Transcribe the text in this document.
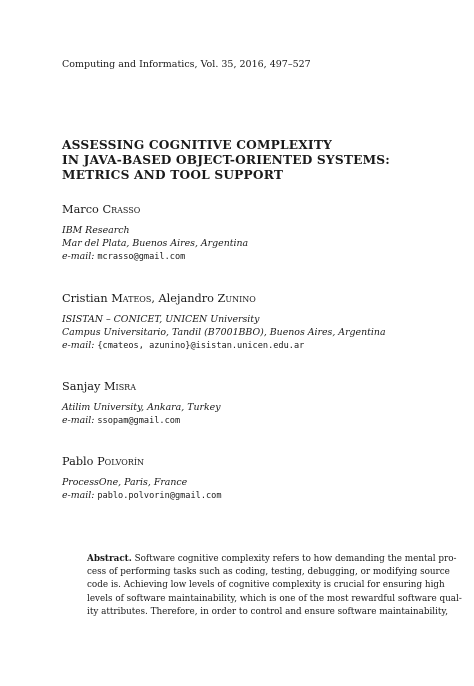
Computing and Informatics, Vol. 35, 2016, 497–527
ASSESSING COGNITIVE COMPLEXITY
IN JAVA-BASED OBJECT-ORIENTED SYSTEMS:
METRICS AND TOOL SUPPORT
Marco Crasso
IBM Research
Mar del Plata, Buenos Aires, Argentina
e-mail: mcrasso@gmail.com
Cristian Mateos, Alejandro Zunino
ISISTAN – CONICET, UNICEN University
Campus Universitario, Tandil (B7001BBO), Buenos Aires, Argentina
e-mail: {cmateos, azunino}@isistan.unicen.edu.ar
Sanjay Misra
Atilim University, Ankara, Turkey
e-mail: ssopam@gmail.com
Pablo Polvorín
ProcessOne, Paris, France
e-mail: pablo.polvorin@gmail.com
Abstract. Software cognitive complexity refers to how demanding the mental pro-
cess of performing tasks such as coding, testing, debugging, or modifying source
code is. Achieving low levels of cognitive complexity is crucial for ensuring high
levels of software maintainability, which is one of the most rewardful software qual-
ity attributes. Therefore, in order to control and ensure software maintainability,
